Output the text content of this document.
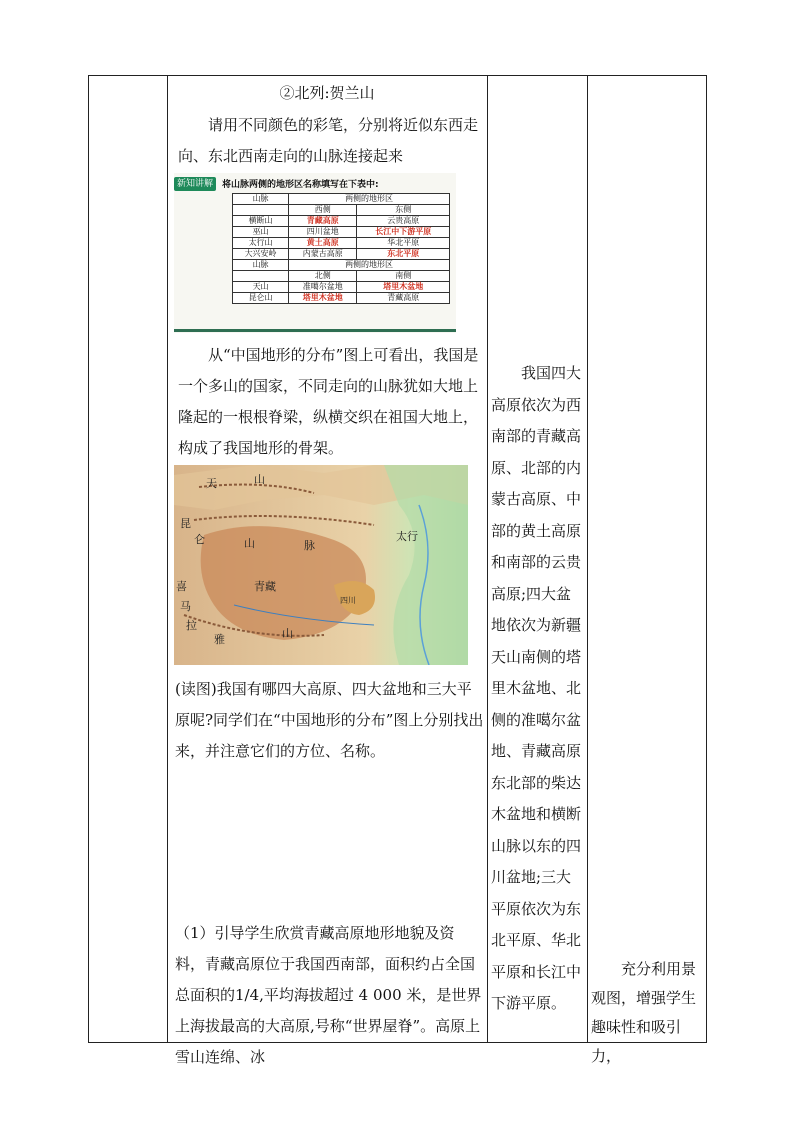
②北列:贺兰山

请用不同颜色的彩笔，分别将近似东西走向、东北西南走向的山脉连接起来

新知讲解	将山脉两侧的地形区名称填写在下表中:
山脉	两侧的地形区	
	西侧	东侧
横断山	青藏高原	云贵高原
巫山	四川盆地	长江中下游平原
太行山	黄土高原	华北平原
大兴安岭	内蒙古高原	东北平原
山脉	两侧的地形区	
	北侧	南侧
天山	准噶尔盆地	塔里木盆地
昆仑山	塔里木盆地	青藏高原

从“中国地形的分布”图上可看出，我国是一个多山的国家，不同走向的山脉犹如大地上隆起的一根根脊梁，纵横交织在祖国大地上，构成了我国地形的骨架。

天	山
昆
仑	山	脉
喜
马
拉
雅
青藏
四川
太行
山

(读图)我国有哪四大高原、四大盆地和三大平原呢?同学们在“中国地形的分布”图上分别找出来，并注意它们的方位、名称。

（1）引导学生欣赏青藏高原地形地貌及资料，青藏高原位于我国西南部，面积约占全国总面积的1/4,平均海拔超过 4 000 米，是世界上海拔最高的大高原,号称“世界屋脊”。高原上雪山连绵、冰

我国四大高原依次为西南部的青藏高原、北部的内蒙古高原、中部的黄土高原和南部的云贵高原;四大盆地依次为新疆天山南侧的塔里木盆地、北侧的准噶尔盆地、青藏高原东北部的柴达木盆地和横断山脉以东的四川盆地;三大平原依次为东北平原、华北平原和长江中下游平原。

充分利用景观图，增强学生趣味性和吸引力，
